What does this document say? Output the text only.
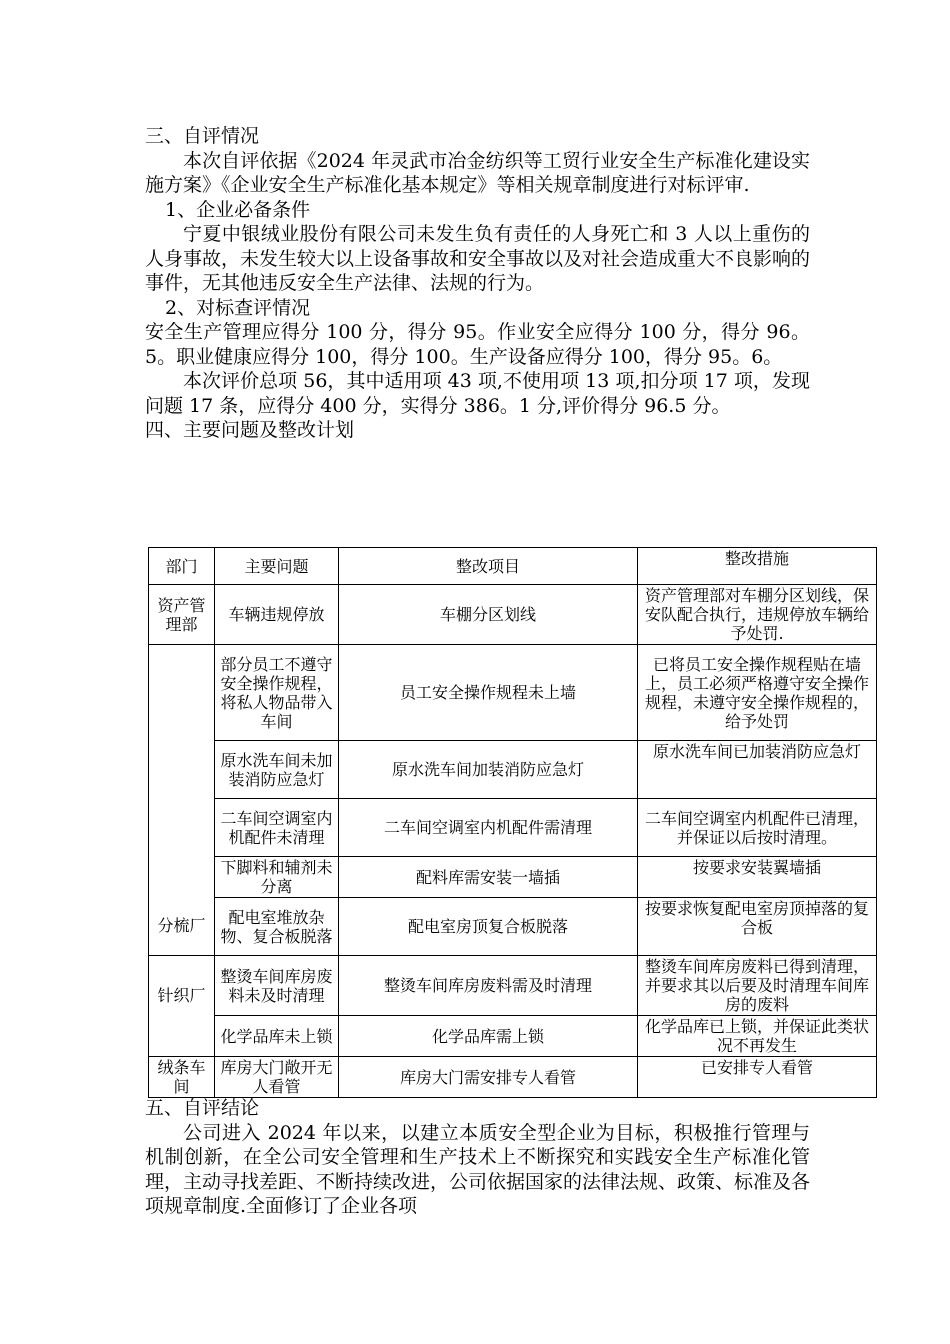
三、自评情况

本次自评依据《2024 年灵武市冶金纺织等工贸行业安全生产标准化建设实施方案》《企业安全生产标准化基本规定》等相关规章制度进行对标评审.

1、企业必备条件

宁夏中银绒业股份有限公司未发生负有责任的人身死亡和 3 人以上重伤的人身事故，未发生较大以上设备事故和安全事故以及对社会造成重大不良影响的事件，无其他违反安全生产法律、法规的行为。

2、对标查评情况

安全生产管理应得分 100 分，得分 95。作业安全应得分 100 分，得分 96。5。职业健康应得分 100，得分 100。生产设备应得分 100，得分 95。6。

本次评价总项 56，其中适用项 43 项,不使用项 13 项,扣分项 17 项，发现问题 17 条，应得分 400 分，实得分 386。1 分,评价得分 96.5 分。

四、主要问题及整改计划

部门	主要问题	整改项目	整改措施
资产管理部	车辆违规停放	车棚分区划线	资产管理部对车棚分区划线，保安队配合执行，违规停放车辆给予处罚.
分梳厂	部分员工不遵守安全操作规程，将私人物品带入车间	员工安全操作规程未上墙	已将员工安全操作规程贴在墙上，员工必须严格遵守安全操作规程，未遵守安全操作规程的，给予处罚
	原水洗车间未加装消防应急灯	原水洗车间加装消防应急灯	原水洗车间已加装消防应急灯
	二车间空调室内机配件未清理	二车间空调室内机配件需清理	二车间空调室内机配件已清理，并保证以后按时清理。
	下脚料和辅剂未分离	配料库需安装一墙插	按要求安装翼墙插
	配电室堆放杂物、复合板脱落	配电室房顶复合板脱落	按要求恢复配电室房顶掉落的复合板
针织厂	整烫车间库房废料未及时清理	整烫车间库房废料需及时清理	整烫车间库房废料已得到清理，并要求其以后要及时清理车间库房的废料
	化学品库未上锁	化学品库需上锁	化学品库已上锁，并保证此类状况不再发生
绒条车间	库房大门敞开无人看管	库房大门需安排专人看管	已安排专人看管

五、自评结论

公司进入 2024 年以来，以建立本质安全型企业为目标，积极推行管理与机制创新，在全公司安全管理和生产技术上不断探究和实践安全生产标准化管理，主动寻找差距、不断持续改进，公司依据国家的法律法规、政策、标准及各项规章制度.全面修订了企业各项
